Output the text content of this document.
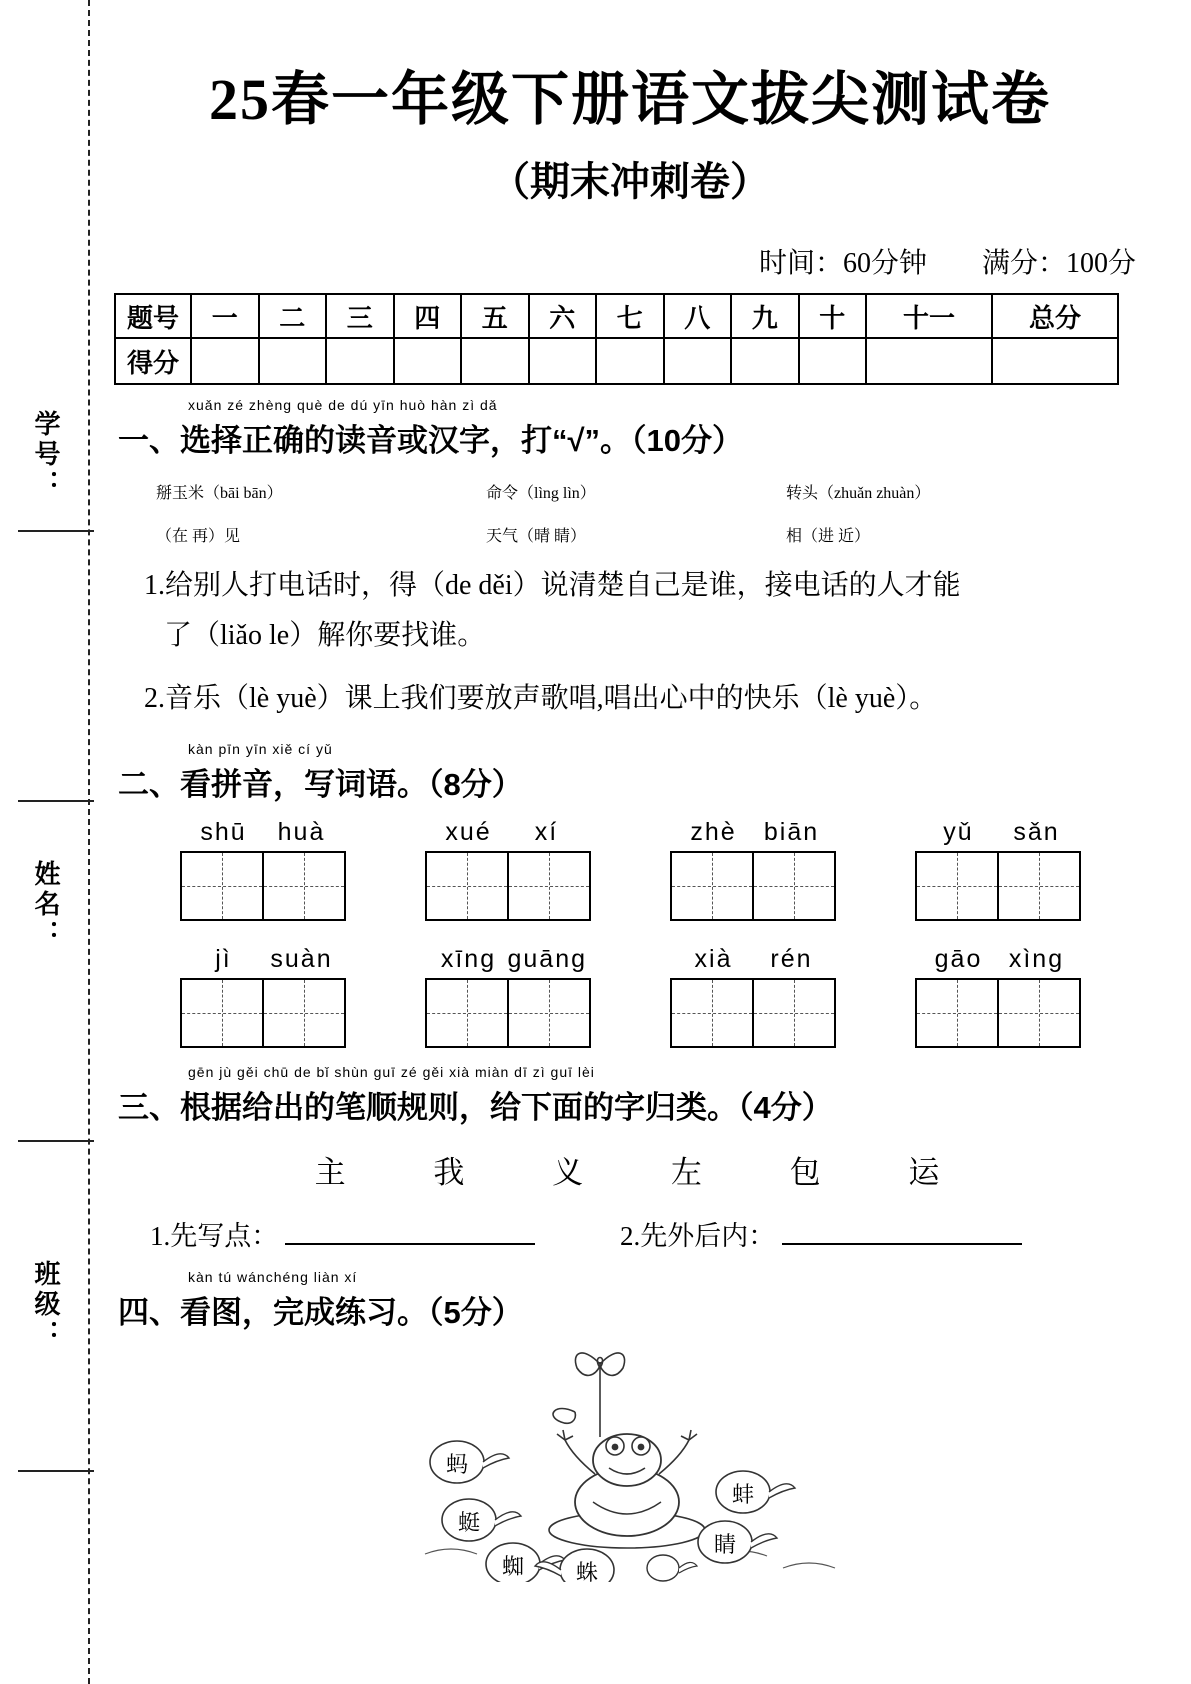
学号：
姓名：
班级：
25春一年级下册语文拔尖测试卷
（期末冲刺卷）
时间：60分钟 满分：100分
题号	一	二	三	四	五	六	七	八	九	十	十一	总分
得分												
xuǎn zé zhèng què de dú yīn huò hàn zì dǎ
一、选择正确的读音或汉字，打“√”。（10分）
掰玉米（bāi bān）	命令（lìng lìn）	转头（zhuǎn zhuàn）
（在 再）见	天气（晴 睛）	相（进 近）
1.给别人打电话时，得（de děi）说清楚自己是谁，接电话的人才能
了（liǎo le）解你要找谁。
2.音乐（lè yuè）课上我们要放声歌唱,唱出心中的快乐（lè yuè）。
kàn pīn yīn xiě cí yǔ
二、看拼音，写词语。（8分）
shū huà	xué xí	zhè biān	yǔ sǎn
jì suàn	xīng guāng	xià rén	gāo xìng
gēn jù gěi chū de bǐ shùn guī zé gěi xià miàn dī zì guī lèi
三、根据给出的笔顺规则，给下面的字归类。（4分）
主	我	义	左	包	运
1.先写点：	2.先外后内：
kàn tú wánchéng liàn xí
四、看图，完成练习。（5分）
蚂
蜓
蜘 蛛
蚌
睛
